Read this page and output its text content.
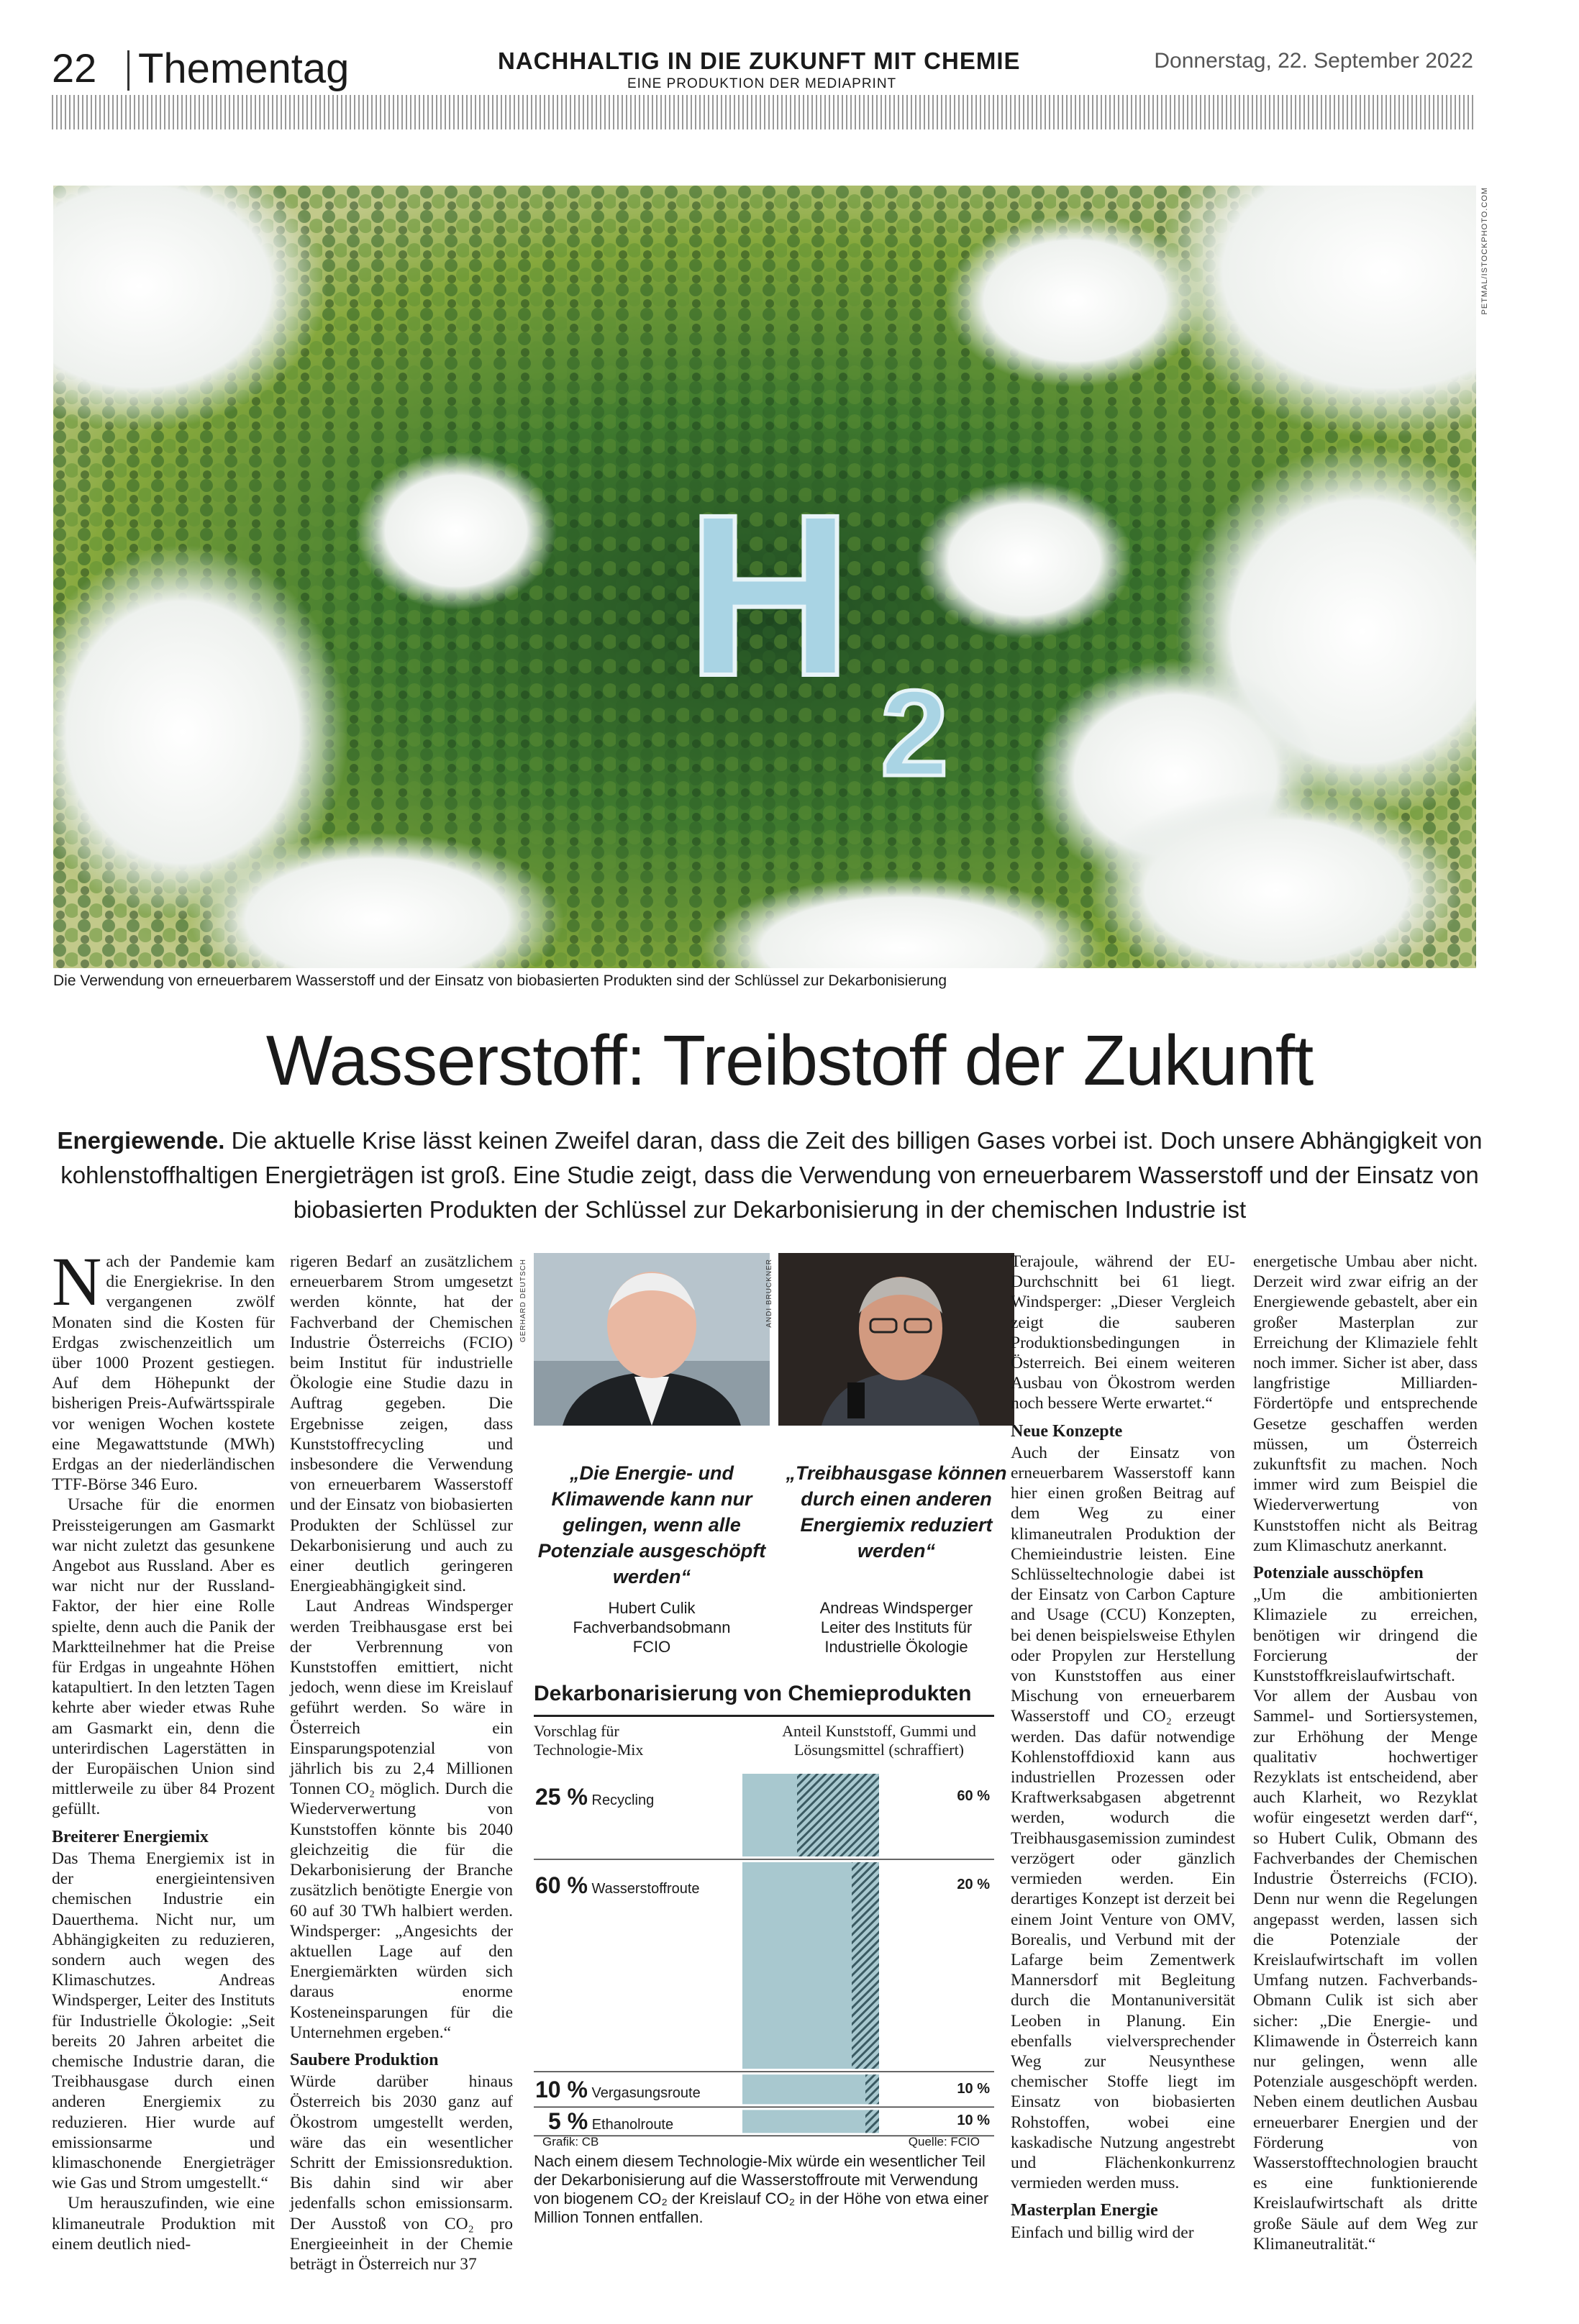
22 Thementag	NACHHALTIG IN DIE ZUKUNFT MIT CHEMIE
EINE PRODUKTION DER MEDIAPRINT
Donnerstag, 22. September 2022
H
2
PETMAL/ISTOCKPHOTO.COM
Die Verwendung von erneuerbarem Wasserstoff und der Einsatz von biobasierten Produkten sind der Schlüssel zur Dekarbonisierung
Wasserstoff: Treibstoff der Zukunft
Energiewende. Die aktuelle Krise lässt keinen Zweifel daran, dass die Zeit des billigen Gases vorbei ist. Doch unsere Abhängigkeit von kohlenstoffhaltigen Energieträgen ist groß. Eine Studie zeigt, dass die Verwendung von erneuerbarem Wasserstoff und der Einsatz von biobasierten Produkten der Schlüssel zur Dekarbonisierung in der chemischen Industrie ist

Nach der Pandemie kam die Energiekrise. In den vergangenen zwölf Monaten sind die Kosten für Erdgas zwischenzeitlich um über 1000 Prozent gestiegen. Auf dem Höhepunkt der bisherigen Preis-Aufwärtsspirale vor wenigen Wochen kostete eine Megawattstunde (MWh) Erdgas an der niederländischen TTF-Börse 346 Euro.

Ursache für die enormen Preissteigerungen am Gasmarkt war nicht zuletzt das gesunkene Angebot aus Russland. Aber es war nicht nur der Russland-Faktor, der hier eine Rolle spielte, denn auch die Panik der Marktteilnehmer hat die Preise für Erdgas in ungeahnte Höhen katapultiert. In den letzten Tagen kehrte aber wieder etwas Ruhe am Gasmarkt ein, denn die unterirdischen Lagerstätten in der Europäischen Union sind mittlerweile zu über 84 Prozent gefüllt.

Breiterer Energiemix

Das Thema Energiemix ist in der energieintensiven chemischen Industrie ein Dauerthema. Nicht nur, um Abhängigkeiten zu reduzieren, sondern auch wegen des Klimaschutzes. Andreas Windsperger, Leiter des Instituts für Industrielle Ökologie: „Seit bereits 20 Jahren arbeitet die chemische Industrie daran, die Treibhausgase durch einen anderen Energiemix zu reduzieren. Hier wurde auf emissionsarme und klimaschonende Energieträger wie Gas und Strom umgestellt.“

Um herauszufinden, wie eine klimaneutrale Produktion mit einem deutlich nied-

rigeren Bedarf an zusätzlichem erneuerbarem Strom umgesetzt werden könnte, hat der Fachverband der Chemischen Industrie Österreichs (FCIO) beim Institut für industrielle Ökologie eine Studie dazu in Auftrag gegeben. Die Ergebnisse zeigen, dass Kunststoffrecycling und insbesondere die Verwendung von erneuerbarem Wasserstoff und der Einsatz von biobasierten Produkten der Schlüssel zur Dekarbonisierung und auch zu einer deutlich geringeren Energieabhängigkeit sind.

Laut Andreas Windsperger werden Treibhausgase erst bei der Verbrennung von Kunststoffen emittiert, nicht jedoch, wenn diese im Kreislauf geführt werden. So wäre in Österreich ein Einsparungspotenzial von jährlich bis zu 2,4 Millionen Tonnen CO₂ möglich. Durch die Wiederverwertung von Kunststoffen könnte bis 2040 gleichzeitig die für die Dekarbonisierung der Branche zusätzlich benötigte Energie von 60 auf 30 TWh halbiert werden. Windsperger: „Angesichts der aktuellen Lage auf den Energiemärkten würden sich daraus enorme Kosteneinsparungen für die Unternehmen ergeben.“

Saubere Produktion

Würde darüber hinaus Österreich bis 2030 ganz auf Ökostrom umgestellt werden, wäre das ein wesentlicher Schritt der Emissionsreduktion. Bis dahin sind wir aber jedenfalls schon emissionsarm. Der Ausstoß von CO₂ pro Energieeinheit in der Chemie beträgt in Österreich nur 37

GERHARD DEUTSCH	ANDI BRUCKNER
„Die Energie- und Klimawende kann nur gelingen, wenn alle Potenziale ausgeschöpft werden“
Hubert Culik
Fachverbandsobmann
FCIO
„Treibhausgase können durch einen anderen Energiemix reduziert werden“
Andreas Windsperger
Leiter des Instituts für
Industrielle Ökologie
Dekarbonarisierung von Chemieprodukten
Vorschlag für Technologie-Mix
Anteil Kunststoff, Gummi und Lösungsmittel (schraffiert)
25 % Recycling	60 %
60 % Wasserstoffroute	20 %
10 % Vergasungsroute	10 %
5 % Ethanolroute	10 %
Grafik: CB	Quelle: FCIO
Nach einem diesem Technologie-Mix würde ein wesentlicher Teil der Dekarbonisierung auf die Wasserstoffroute mit Verwendung von biogenem CO₂ der Kreislauf CO₂ in der Höhe von etwa einer Million Tonnen entfallen.

Terajoule, während der EU-Durchschnitt bei 61 liegt. Windsperger: „Dieser Vergleich zeigt die sauberen Produktionsbedingungen in Österreich. Bei einem weiteren Ausbau von Ökostrom werden noch bessere Werte erwartet.“

Neue Konzepte

Auch der Einsatz von erneuerbarem Wasserstoff kann hier einen großen Beitrag auf dem Weg zu einer klimaneutralen Produktion der Chemieindustrie leisten. Eine Schlüsseltechnologie dabei ist der Einsatz von Carbon Capture and Usage (CCU) Konzepten, bei denen beispielsweise Ethylen oder Propylen zur Herstellung von Kunststoffen aus einer Mischung von erneuerbarem Wasserstoff und CO₂ erzeugt werden. Das dafür notwendige Kohlenstoffdioxid kann aus industriellen Prozessen oder Kraftwerksabgasen abgetrennt werden, wodurch die Treibhausgasemission zumindest verzögert oder gänzlich vermieden werden. Ein derartiges Konzept ist derzeit bei einem Joint Venture von OMV, Borealis, und Verbund mit der Lafarge beim Zementwerk Mannersdorf mit Begleitung durch die Montanuniversität Leoben in Planung. Ein ebenfalls vielversprechender Weg zur Neusynthese chemischer Stoffe liegt im Einsatz von biobasierten Rohstoffen, wobei eine kaskadische Nutzung angestrebt und Flächenkonkurrenz vermieden werden muss.

Masterplan Energie

Einfach und billig wird der

energetische Umbau aber nicht. Derzeit wird zwar eifrig an der Energiewende gebastelt, aber ein großer Masterplan zur Erreichung der Klimaziele fehlt noch immer. Sicher ist aber, dass langfristige Milliarden-Fördertöpfe und entsprechende Gesetze geschaffen werden müssen, um Österreich zukunftsfit zu machen. Noch immer wird zum Beispiel die Wiederverwertung von Kunststoffen nicht als Beitrag zum Klimaschutz anerkannt.

Potenziale ausschöpfen

„Um die ambitionierten Klimaziele zu erreichen, benötigen wir dringend die Forcierung der Kunststoffkreislaufwirtschaft. Vor allem der Ausbau von Sammel- und Sortiersystemen, zur Erhöhung der Menge qualitativ hochwertiger Rezyklats ist entscheidend, aber auch Klarheit, wo Rezyklat wofür eingesetzt werden darf“, so Hubert Culik, Obmann des Fachverbandes der Chemischen Industrie Österreichs (FCIO). Denn nur wenn die Regelungen angepasst werden, lassen sich die Potenziale der Kreislaufwirtschaft im vollen Umfang nutzen. Fachverbands-Obmann Culik ist sich aber sicher: „Die Energie- und Klimawende in Österreich kann nur gelingen, wenn alle Potenziale ausgeschöpft werden. Neben einem deutlichen Ausbau erneuerbarer Energien und der Förderung von Wasserstofftechnologien braucht es eine funktionierende Kreislaufwirtschaft als dritte große Säule auf dem Weg zur Klimaneutralität.“
